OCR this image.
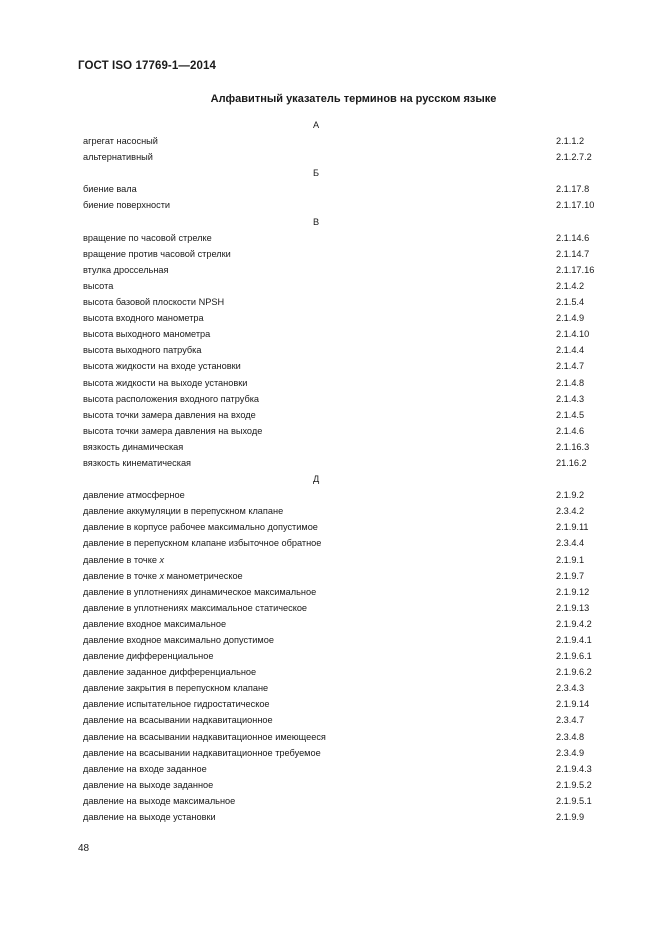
ГОСТ ISO 17769-1—2014
Алфавитный указатель терминов на русском языке
А
агрегат насосный	2.1.1.2
альтернативный	2.1.2.7.2
Б
биение вала	2.1.17.8
биение поверхности	2.1.17.10
В
вращение по часовой стрелке	2.1.14.6
вращение против часовой стрелки	2.1.14.7
втулка дроссельная	2.1.17.16
высота	2.1.4.2
высота базовой плоскости NPSH	2.1.5.4
высота входного манометра	2.1.4.9
высота выходного манометра	2.1.4.10
высота выходного патрубка	2.1.4.4
высота жидкости на входе установки	2.1.4.7
высота жидкости на выходе установки	2.1.4.8
высота расположения входного патрубка	2.1.4.3
высота точки замера давления на входе	2.1.4.5
высота точки замера давления на выходе	2.1.4.6
вязкость динамическая	2.1.16.3
вязкость кинематическая	21.16.2
Д
давление атмосферное	2.1.9.2
давление аккумуляции в перепускном клапане	2.3.4.2
давление в корпусе рабочее максимально допустимое	2.1.9.11
давление в перепускном клапане избыточное обратное	2.3.4.4
давление в точке x	2.1.9.1
давление в точке x манометрическое	2.1.9.7
давление в уплотнениях динамическое максимальное	2.1.9.12
давление в уплотнениях максимальное статическое	2.1.9.13
давление входное максимальное	2.1.9.4.2
давление входное максимально допустимое	2.1.9.4.1
давление дифференциальное	2.1.9.6.1
давление заданное дифференциальное	2.1.9.6.2
давление закрытия в перепускном клапане	2.3.4.3
давление испытательное гидростатическое	2.1.9.14
давление на всасывании надкавитационное	2.3.4.7
давление на всасывании надкавитационное имеющееся	2.3.4.8
давление на всасывании надкавитационное требуемое	2.3.4.9
давление на входе заданное	2.1.9.4.3
давление на выходе заданное	2.1.9.5.2
давление на выходе максимальное	2.1.9.5.1
давление на выходе установки	2.1.9.9
48
